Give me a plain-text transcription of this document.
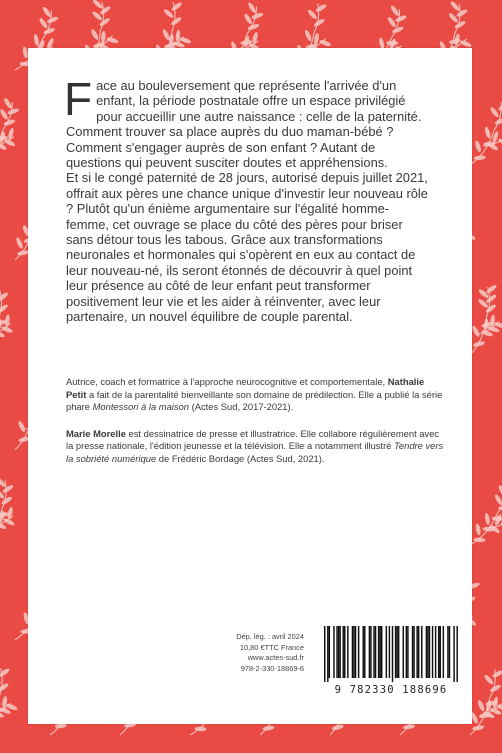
Face au bouleversement que représente l'arrivée d'un enfant, la période postnatale offre un espace privilégié pour accueillir une autre naissance : celle de la paternité. Comment trouver sa place auprès du duo maman-bébé ? Comment s'engager auprès de son enfant ? Autant de questions qui peuvent susciter doutes et appréhensions.

Et si le congé paternité de 28 jours, autorisé depuis juillet 2021, offrait aux pères une chance unique d'investir leur nouveau rôle ? Plutôt qu'un énième argumentaire sur l'égalité homme-femme, cet ouvrage se place du côté des pères pour briser sans détour tous les tabous. Grâce aux transformations neuronales et hormonales qui s'opèrent en eux au contact de leur nouveau-né, ils seront étonnés de découvrir à quel point leur présence au côté de leur enfant peut transformer positivement leur vie et les aider à réinventer, avec leur partenaire, un nouvel équilibre de couple parental.

Autrice, coach et formatrice à l'approche neurocognitive et comportementale, Nathalie Petit a fait de la parentalité bienveillante son domaine de prédilection. Elle a publié la série phare Montessori à la maison (Actes Sud, 2017-2021).

Marie Morelle est dessinatrice de presse et illustratrice. Elle collabore régulièrement avec la presse nationale, l'édition jeunesse et la télévision. Elle a notamment illustré Tendre vers la sobriété numérique de Frédéric Bordage (Actes Sud, 2021).

Dép. lég. : avril 2024
10,80 €TTC France
www.actes-sud.fr
978-2-330-18869-6
9 782330 188696
